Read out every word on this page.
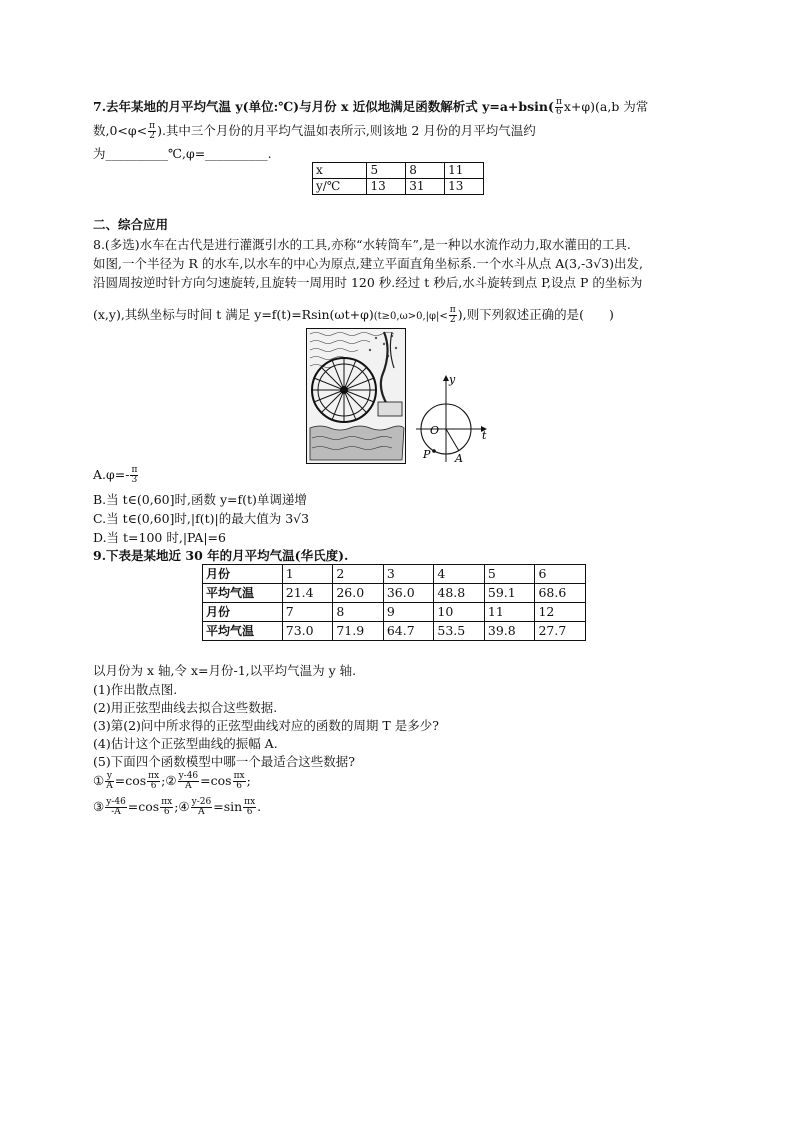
7.去年某地的月平均气温 y(单位:℃)与月份 x 近似地满足函数解析式 $y=a+bsin( \frac{\pi}{6} x+\varphi)(a,b$ 为常
数$,0<\varphi< \frac{\pi}{2}$ ).其中三个月份的月平均气温如表所示,则该地 2 月份的月平均气温约
为__________℃,φ=__________.
x	5	8	11
y/℃	13	31	13
二、综合应用
8.(多选)水车在古代是进行灌溉引水的工具,亦称“水转筒车”,是一种以水流作动力,取水灌田的工具.
如图,一个半径为 R 的水车,以水车的中心为原点,建立平面直角坐标系.一个水斗从点 A(3,-3√3)出发,
沿圆周按逆时针方向匀速旋转,且旋转一周用时 120 秒.经过 t 秒后,水斗旋转到点 P,设点 P 的坐标为
(x,y),其纵坐标与时间 t 满足 $y=f(t)=Rsin(\omega t+\varphi)(t\ge 0,\omega>0,|\varphi|< \frac{\pi}{2}$ ),则下列叙述正确的是(　　)
y
t
O
P A
$A.\varphi=- \frac{\pi}{3}$
B.当 t∈(0,60]时,函数 y=f(t)单调递增
C.当 t∈(0,60]时,|f(t)|的最大值为 3√3
D.当 t=100 时,|PA|=6
9.下表是某地近 30 年的月平均气温(华氏度).
月份	1	2	3	4	5	6
平均气温	21.4	26.0	36.0	48.8	59.1	68.6
月份	7	8	9	10	11	12
平均气温	73.0	71.9	64.7	53.5	39.8	27.7
以月份为 x 轴,令 x=月份-1,以平均气温为 y 轴.
(1)作出散点图.
(2)用正弦型曲线去拟合这些数据.
(3)第(2)问中所求得的正弦型曲线对应的函数的周期 T 是多少?
(4)估计这个正弦型曲线的振幅 A.
(5)下面四个函数模型中哪一个最适合这些数据?
① $\frac{y}{A} =\cos \frac{\pi x}{6}$ ;② $\frac{y-46}{A} =\cos \frac{\pi x}{6}$ ;
③ $\frac{y-46}{-A} =\cos \frac{\pi x}{6}$ ;④ $\frac{y-26}{A} =\sin \frac{\pi x}{6}$ .
